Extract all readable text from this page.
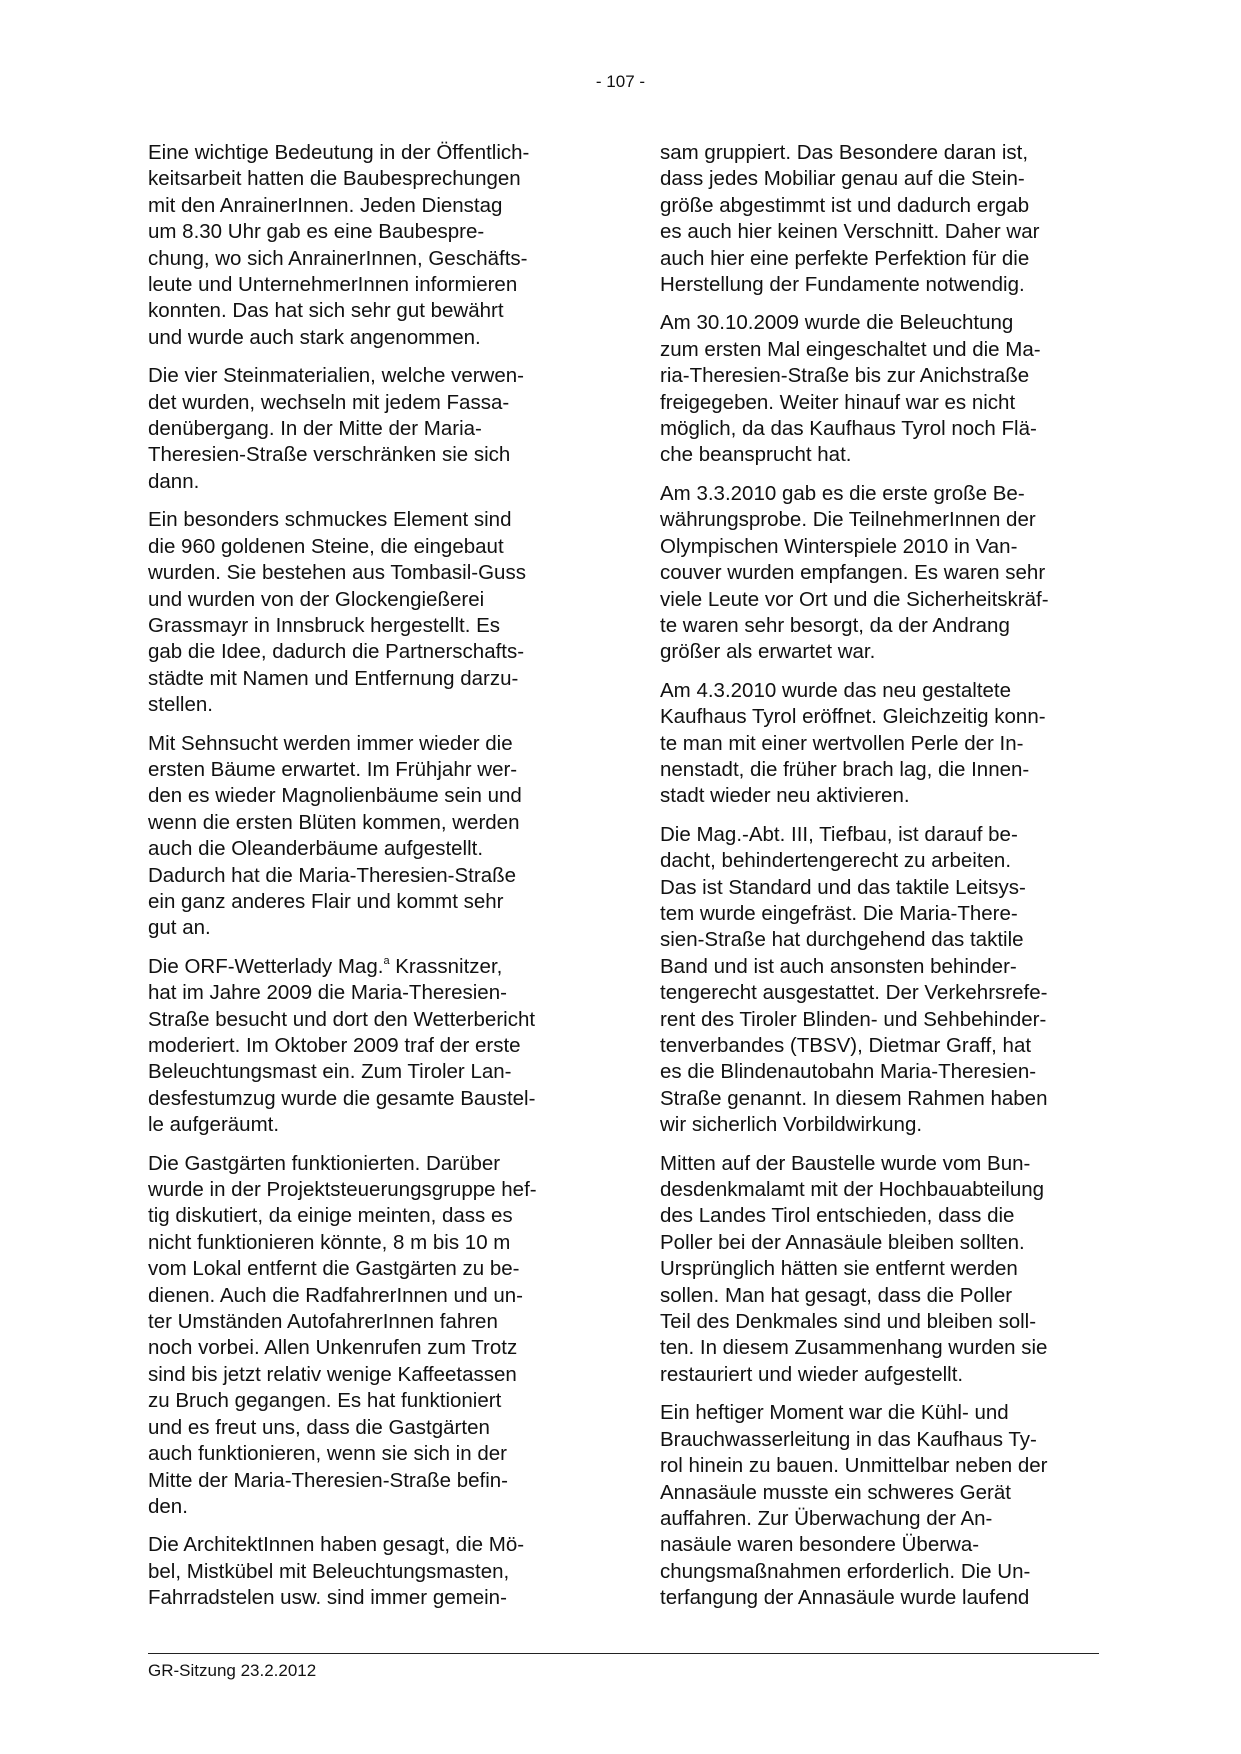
- 107 -

Eine wichtige Bedeutung in der Öffentlich-
keitsarbeit hatten die Baubesprechungen
mit den AnrainerInnen. Jeden Dienstag
um 8.30 Uhr gab es eine Baubespre-
chung, wo sich AnrainerInnen, Geschäfts-
leute und UnternehmerInnen informieren
konnten. Das hat sich sehr gut bewährt
und wurde auch stark angenommen.

Die vier Steinmaterialien, welche verwen-
det wurden, wechseln mit jedem Fassa-
denübergang. In der Mitte der Maria-
Theresien-Straße verschränken sie sich
dann.

Ein besonders schmuckes Element sind
die 960 goldenen Steine, die eingebaut
wurden. Sie bestehen aus Tombasil-Guss
und wurden von der Glockengießerei
Grassmayr in Innsbruck hergestellt. Es
gab die Idee, dadurch die Partnerschafts-
städte mit Namen und Entfernung darzu-
stellen.

Mit Sehnsucht werden immer wieder die
ersten Bäume erwartet. Im Frühjahr wer-
den es wieder Magnolienbäume sein und
wenn die ersten Blüten kommen, werden
auch die Oleanderbäume aufgestellt.
Dadurch hat die Maria-Theresien-Straße
ein ganz anderes Flair und kommt sehr
gut an.

Die ORF-Wetterlady Mag.$^a$ Krassnitzer,
hat im Jahre 2009 die Maria-Theresien-
Straße besucht und dort den Wetterbericht
moderiert. Im Oktober 2009 traf der erste
Beleuchtungsmast ein. Zum Tiroler Lan-
desfestumzug wurde die gesamte Baustel-
le aufgeräumt.

Die Gastgärten funktionierten. Darüber
wurde in der Projektsteuerungsgruppe hef-
tig diskutiert, da einige meinten, dass es
nicht funktionieren könnte, 8 m bis 10 m
vom Lokal entfernt die Gastgärten zu be-
dienen. Auch die RadfahrerInnen und un-
ter Umständen AutofahrerInnen fahren
noch vorbei. Allen Unkenrufen zum Trotz
sind bis jetzt relativ wenige Kaffeetassen
zu Bruch gegangen. Es hat funktioniert
und es freut uns, dass die Gastgärten
auch funktionieren, wenn sie sich in der
Mitte der Maria-Theresien-Straße befin-
den.

Die ArchitektInnen haben gesagt, die Mö-
bel, Mistkübel mit Beleuchtungsmasten,
Fahrradstelen usw. sind immer gemein-

sam gruppiert. Das Besondere daran ist,
dass jedes Mobiliar genau auf die Stein-
größe abgestimmt ist und dadurch ergab
es auch hier keinen Verschnitt. Daher war
auch hier eine perfekte Perfektion für die
Herstellung der Fundamente notwendig.

Am 30.10.2009 wurde die Beleuchtung
zum ersten Mal eingeschaltet und die Ma-
ria-Theresien-Straße bis zur Anichstraße
freigegeben. Weiter hinauf war es nicht
möglich, da das Kaufhaus Tyrol noch Flä-
che beansprucht hat.

Am 3.3.2010 gab es die erste große Be-
währungsprobe. Die TeilnehmerInnen der
Olympischen Winterspiele 2010 in Van-
couver wurden empfangen. Es waren sehr
viele Leute vor Ort und die Sicherheitskräf-
te waren sehr besorgt, da der Andrang
größer als erwartet war.

Am 4.3.2010 wurde das neu gestaltete
Kaufhaus Tyrol eröffnet. Gleichzeitig konn-
te man mit einer wertvollen Perle der In-
nenstadt, die früher brach lag, die Innen-
stadt wieder neu aktivieren.

Die Mag.-Abt. III, Tiefbau, ist darauf be-
dacht, behindertengerecht zu arbeiten.
Das ist Standard und das taktile Leitsys-
tem wurde eingefräst. Die Maria-There-
sien-Straße hat durchgehend das taktile
Band und ist auch ansonsten behinder-
tengerecht ausgestattet. Der Verkehrsrefe-
rent des Tiroler Blinden- und Sehbehinder-
tenverbandes (TBSV), Dietmar Graff, hat
es die Blindenautobahn Maria-Theresien-
Straße genannt. In diesem Rahmen haben
wir sicherlich Vorbildwirkung.

Mitten auf der Baustelle wurde vom Bun-
desdenkmalamt mit der Hochbauabteilung
des Landes Tirol entschieden, dass die
Poller bei der Annasäule bleiben sollten.
Ursprünglich hätten sie entfernt werden
sollen. Man hat gesagt, dass die Poller
Teil des Denkmales sind und bleiben soll-
ten. In diesem Zusammenhang wurden sie
restauriert und wieder aufgestellt.

Ein heftiger Moment war die Kühl- und
Brauchwasserleitung in das Kaufhaus Ty-
rol hinein zu bauen. Unmittelbar neben der
Annasäule musste ein schweres Gerät
auffahren. Zur Überwachung der An-
nasäule waren besondere Überwa-
chungsmaßnahmen erforderlich. Die Un-
terfangung der Annasäule wurde laufend

GR-Sitzung 23.2.2012
